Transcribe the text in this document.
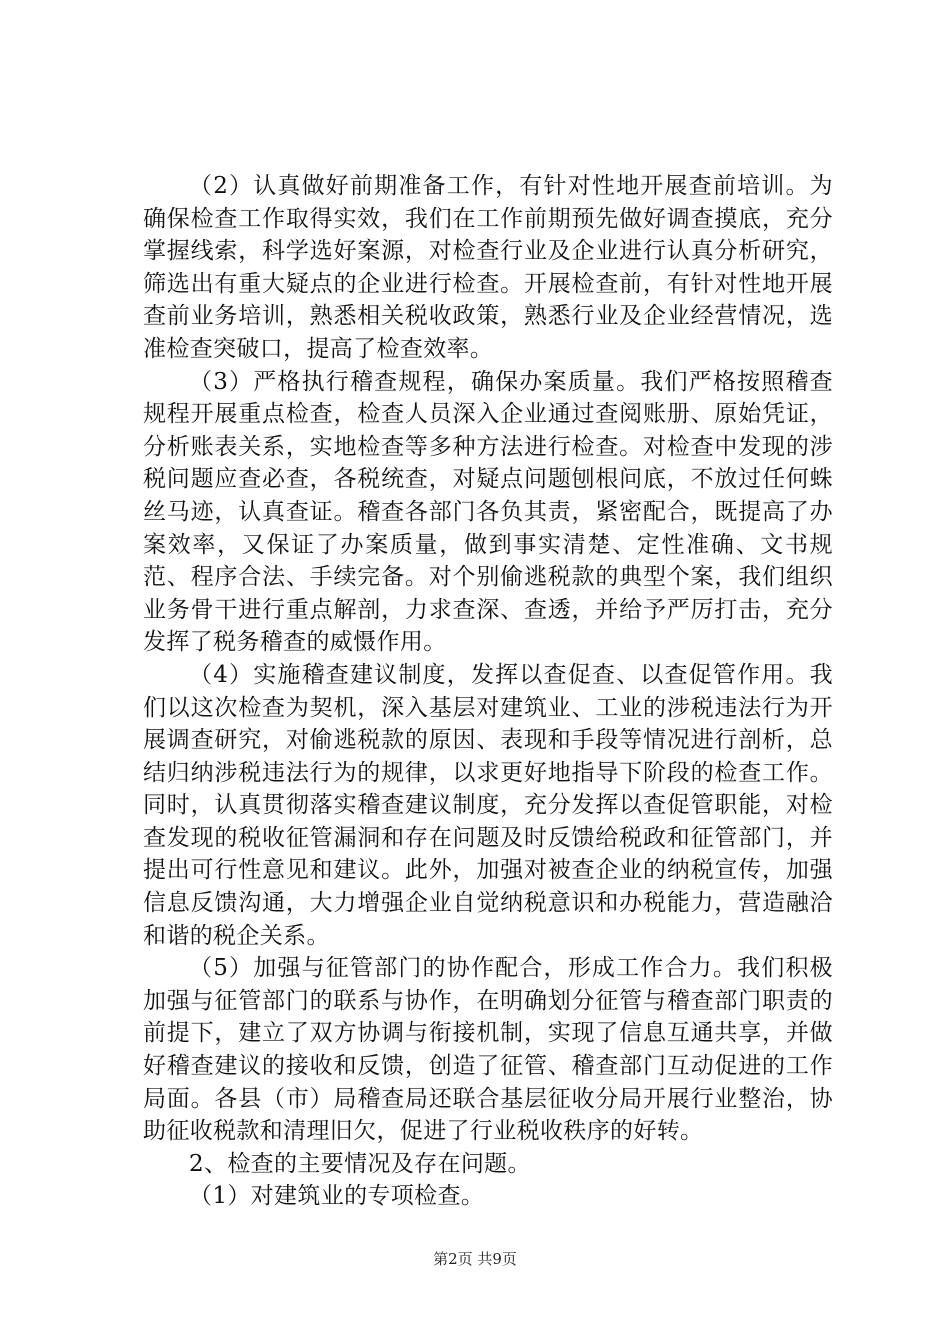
（2）认真做好前期准备工作，有针对性地开展查前培训。为确保检查工作取得实效，我们在工作前期预先做好调查摸底，充分掌握线索，科学选好案源，对检查行业及企业进行认真分析研究，筛选出有重大疑点的企业进行检查。开展检查前，有针对性地开展查前业务培训，熟悉相关税收政策，熟悉行业及企业经营情况，选准检查突破口，提高了检查效率。

（3）严格执行稽查规程，确保办案质量。我们严格按照稽查规程开展重点检查，检查人员深入企业通过查阅账册、原始凭证，分析账表关系，实地检查等多种方法进行检查。对检查中发现的涉税问题应查必查，各税统查，对疑点问题刨根问底，不放过任何蛛丝马迹，认真查证。稽查各部门各负其责，紧密配合，既提高了办案效率，又保证了办案质量，做到事实清楚、定性准确、文书规范、程序合法、手续完备。对个别偷逃税款的典型个案，我们组织业务骨干进行重点解剖，力求查深、查透，并给予严厉打击，充分发挥了税务稽查的威慑作用。

（4）实施稽查建议制度，发挥以查促查、以查促管作用。我们以这次检查为契机，深入基层对建筑业、工业的涉税违法行为开展调查研究，对偷逃税款的原因、表现和手段等情况进行剖析，总结归纳涉税违法行为的规律，以求更好地指导下阶段的检查工作。同时，认真贯彻落实稽查建议制度，充分发挥以查促管职能，对检查发现的税收征管漏洞和存在问题及时反馈给税政和征管部门，并提出可行性意见和建议。此外，加强对被查企业的纳税宣传，加强信息反馈沟通，大力增强企业自觉纳税意识和办税能力，营造融洽和谐的税企关系。

（5）加强与征管部门的协作配合，形成工作合力。我们积极加强与征管部门的联系与协作，在明确划分征管与稽查部门职责的前提下，建立了双方协调与衔接机制，实现了信息互通共享，并做好稽查建议的接收和反馈，创造了征管、稽查部门互动促进的工作局面。各县（市）局稽查局还联合基层征收分局开展行业整治，协助征收税款和清理旧欠，促进了行业税收秩序的好转。

2、检查的主要情况及存在问题。

（1）对建筑业的专项检查。

第2页 共9页
